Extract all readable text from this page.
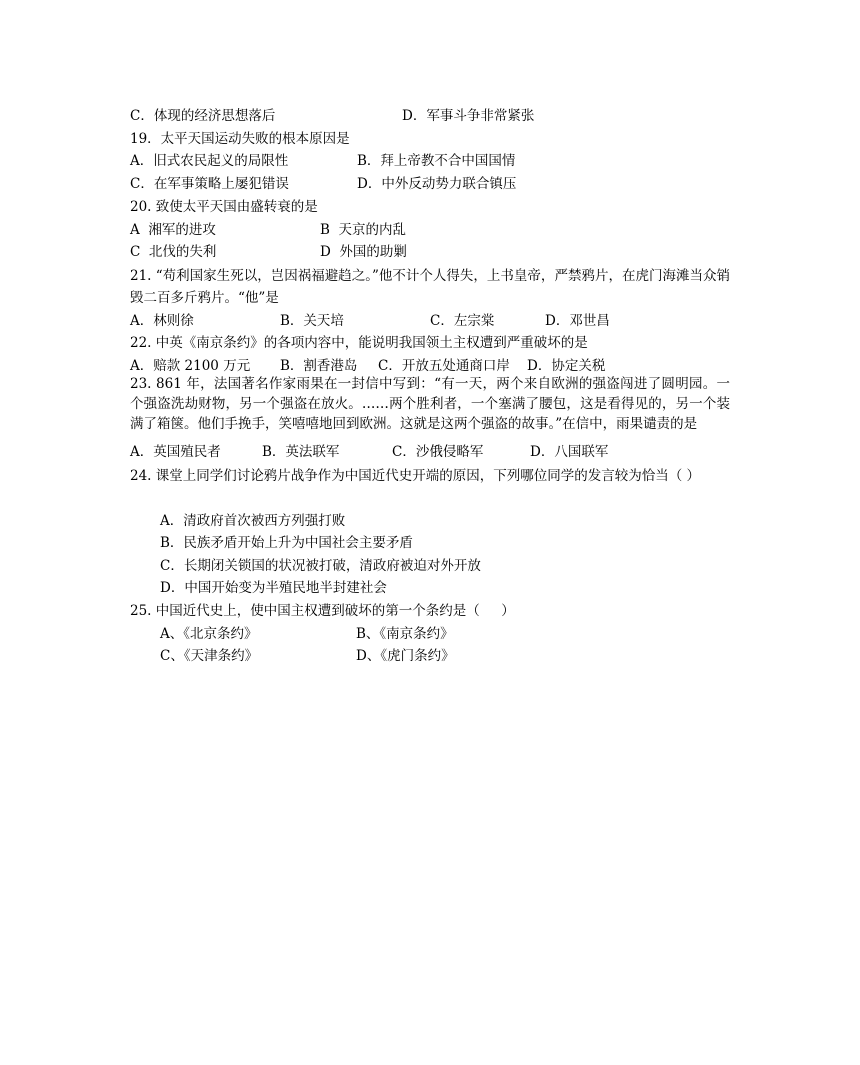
C．体现的经济思想落后

	D．军事斗争非常紧张

19．太平天国运动失败的根本原因是

A．旧式农民起义的局限性

	B．拜上帝教不合中国国情

C．在军事策略上屡犯错误

	D．中外反动势力联合镇压

20. 致使太平天国由盛转衰的是

A  湘军的进攻

	B  天京的内乱

C  北伐的失利

	D  外国的助剿

21. “苟利国家生死以，岂因祸福避趋之。”他不计个人得失，上书皇帝，严禁鸦片，在虎门海滩当众销毁二百多斤鸦片。“他”是

A．林则徐

	B．关天培

	C．左宗棠

	D．邓世昌

22. 中英《南京条约》的各项内容中，能说明我国领土主权遭到严重破坏的是

A．赔款 2100 万元

B．割香港岛

C．开放五处通商口岸

D．协定关税

23. 861 年，法国著名作家雨果在一封信中写到：“有一天，两个来自欧洲的强盗闯进了圆明园。一个强盗洗劫财物，另一个强盗在放火。……两个胜利者，一个塞满了腰包，这是看得见的，另一个装满了箱箧。他们手挽手，笑嘻嘻地回到欧洲。这就是这两个强盗的故事。”在信中，雨果谴责的是

A．英国殖民者

	B．英法联军

	C．沙俄侵略军

	D．八国联军

24. 课堂上同学们讨论鸦片战争作为中国近代史开端的原因，下列哪位同学的发言较为恰当（ ）
A．清政府首次被西方列强打败
B．民族矛盾开始上升为中国社会主要矛盾
C．长期闭关锁国的状况被打破，清政府被迫对外开放
D．中国开始变为半殖民地半封建社会
25. 中国近代史上，使中国主权遭到破坏的第一个条约是（     ）

A、《北京条约》

	B、《南京条约》

C、《天津条约》

	D、《虎门条约》
